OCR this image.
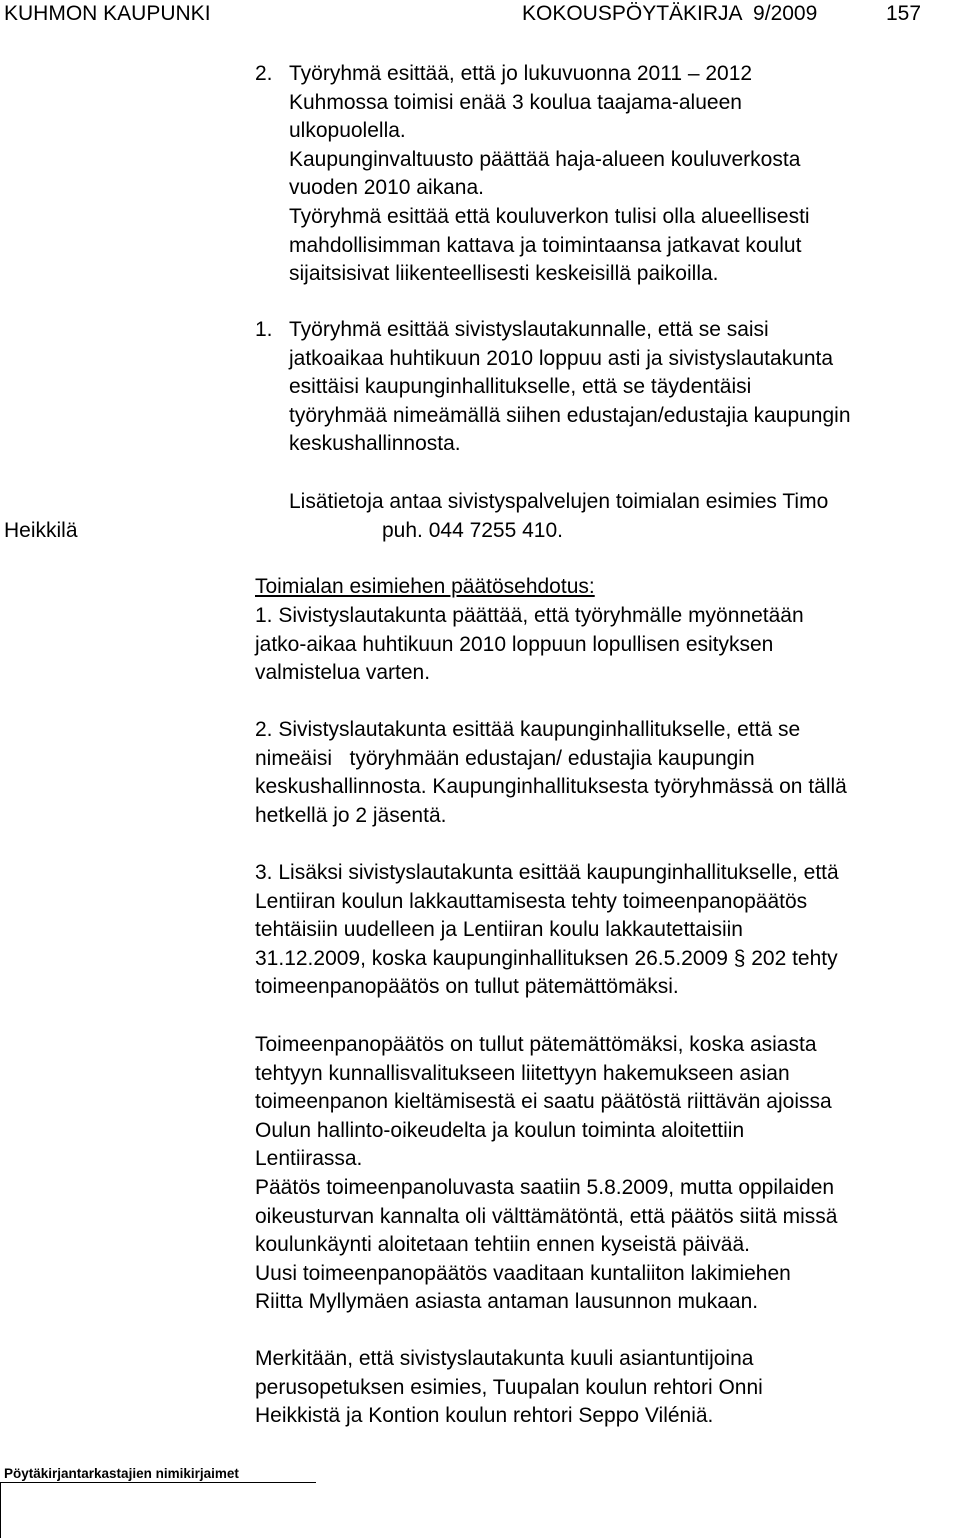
KUHMON KAUPUNKI	KOKOUSPÖYTÄKIRJA  9/2009	157
2. Työryhmä esittää, että jo lukuvuonna 2011 – 2012
Kuhmossa toimisi enää 3 koulua taajama-alueen
ulkopuolella.
Kaupunginvaltuusto päättää haja-alueen kouluverkosta
vuoden 2010 aikana.
Työryhmä esittää että kouluverkon tulisi olla alueellisesti
mahdollisimman kattava ja toimintaansa jatkavat koulut
sijaitsisivat liikenteellisesti keskeisillä paikoilla.
1. Työryhmä esittää sivistyslautakunnalle, että se saisi
jatkoaikaa huhtikuun 2010 loppuu asti ja sivistyslautakunta
esittäisi kaupunginhallitukselle, että se täydentäisi
työryhmää nimeämällä siihen edustajan/edustajia kaupungin
keskushallinnosta.
Lisätietoja antaa sivistyspalvelujen toimialan esimies Timo
Heikkilä	puh. 044 7255 410.
Toimialan esimiehen päätösehdotus:
1. Sivistyslautakunta päättää, että työryhmälle myönnetään
jatko-aikaa huhtikuun 2010 loppuun lopullisen esityksen
valmistelua varten.
2. Sivistyslautakunta esittää kaupunginhallitukselle, että se
nimeäisi   työryhmään edustajan/ edustajia kaupungin
keskushallinnosta. Kaupunginhallituksesta työryhmässä on tällä
hetkellä jo 2 jäsentä.
3. Lisäksi sivistyslautakunta esittää kaupunginhallitukselle, että
Lentiiran koulun lakkauttamisesta tehty toimeenpanopäätös
tehtäisiin uudelleen ja Lentiiran koulu lakkautettaisiin
31.12.2009, koska kaupunginhallituksen 26.5.2009 § 202 tehty
toimeenpanopäätös on tullut pätemättömäksi.
Toimeenpanopäätös on tullut pätemättömäksi, koska asiasta
tehtyyn kunnallisvalitukseen liitettyyn hakemukseen asian
toimeenpanon kieltämisestä ei saatu päätöstä riittävän ajoissa
Oulun hallinto-oikeudelta ja koulun toiminta aloitettiin
Lentiirassa.
Päätös toimeenpanoluvasta saatiin 5.8.2009, mutta oppilaiden
oikeusturvan kannalta oli välttämätöntä, että päätös siitä missä
koulunkäynti aloitetaan tehtiin ennen kyseistä päivää.
Uusi toimeenpanopäätös vaaditaan kuntaliiton lakimiehen
Riitta Myllymäen asiasta antaman lausunnon mukaan.
Merkitään, että sivistyslautakunta kuuli asiantuntijoina
perusopetuksen esimies, Tuupalan koulun rehtori Onni
Heikkistä ja Kontion koulun rehtori Seppo Viléniä.
Pöytäkirjantarkastajien nimikirjaimet
